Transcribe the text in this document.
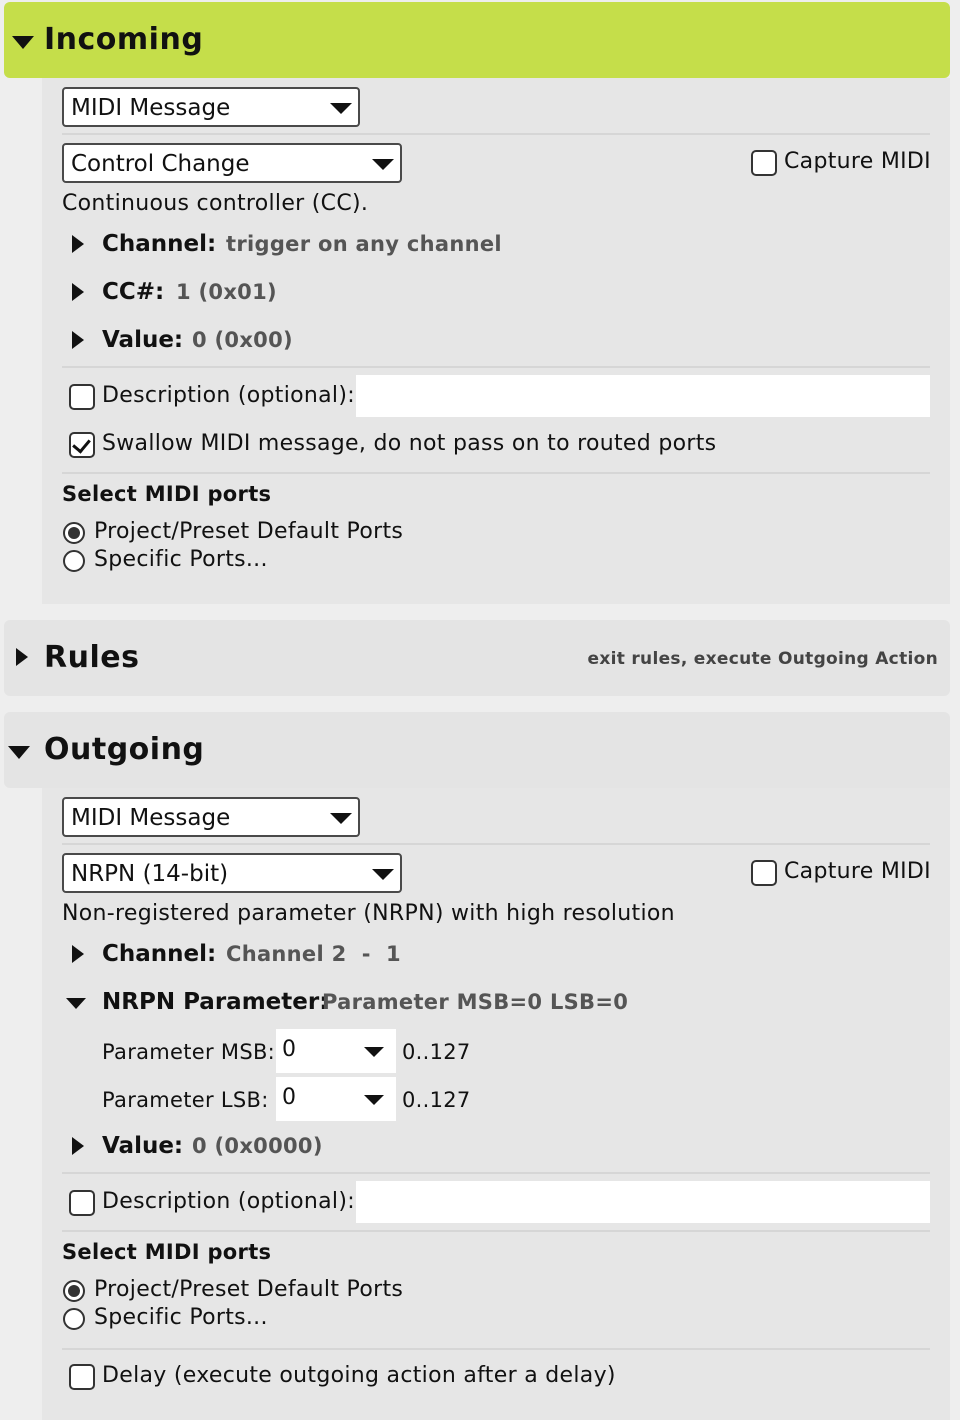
Incoming
MIDI Message
Control Change	Capture MIDI
Continuous controller (CC).
Channel: trigger on any channel
CC#: 1 (0x01)
Value: 0 (0x00)
Description (optional):
Swallow MIDI message, do not pass on to routed ports
Select MIDI ports
Project/Preset Default Ports
Specific Ports...
Rules	exit rules, execute Outgoing Action
Outgoing
MIDI Message
NRPN (14-bit)	Capture MIDI
Non-registered parameter (NRPN) with high resolution
Channel: Channel 2  -  1
NRPN Parameter:
Parameter MSB=0 LSB=0
Parameter MSB: 0	0..127
Parameter LSB: 0	0..127
Value: 0 (0x0000)
Description (optional):
Select MIDI ports
Project/Preset Default Ports
Specific Ports...
Delay (execute outgoing action after a delay)
